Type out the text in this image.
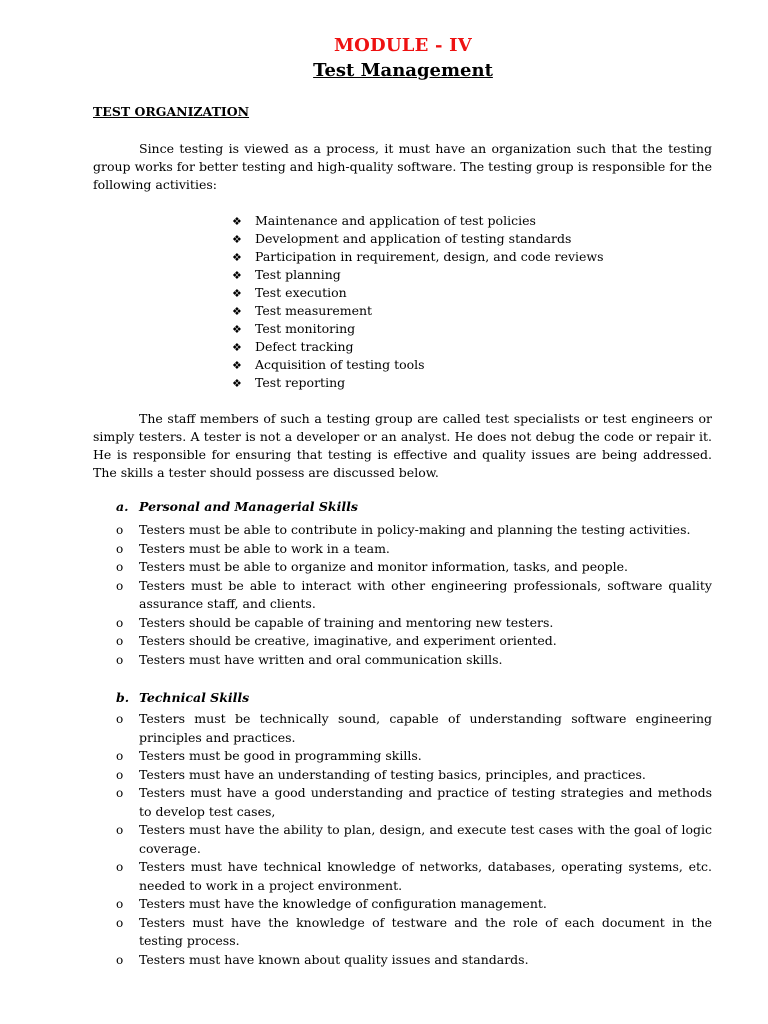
MODULE - IV
Test Management
TEST ORGANIZATION

Since testing is viewed as a process, it must have an organization such that the testing group works for better testing and high-quality software. The testing group is responsible for the following activities:

❖ Maintenance and application of test policies
❖ Development and application of testing standards
❖ Participation in requirement, design, and code reviews
❖ Test planning
❖ Test execution
❖ Test measurement
❖ Test monitoring
❖ Defect tracking
❖ Acquisition of testing tools
❖ Test reporting

The staff members of such a testing group are called test specialists or test engineers or simply testers. A tester is not a developer or an analyst. He does not debug the code or repair it. He is responsible for ensuring that testing is effective and quality issues are being addressed. The skills a tester should possess are discussed below.

a. Personal and Managerial Skills
o Testers must be able to contribute in policy-making and planning the testing activities.
o Testers must be able to work in a team.
o Testers must be able to organize and monitor information, tasks, and people.
o Testers must be able to interact with other engineering professionals, software quality assurance staff, and clients.
o Testers should be capable of training and mentoring new testers.
o Testers should be creative, imaginative, and experiment oriented.
o Testers must have written and oral communication skills.
b. Technical Skills
o Testers must be technically sound, capable of understanding software engineering principles and practices.
o Testers must be good in programming skills.
o Testers must have an understanding of testing basics, principles, and practices.
o Testers must have a good understanding and practice of testing strategies and methods to develop test cases,
o Testers must have the ability to plan, design, and execute test cases with the goal of logic coverage.
o Testers must have technical knowledge of networks, databases, operating systems, etc. needed to work in a project environment.
o Testers must have the knowledge of configuration management.
o Testers must have the knowledge of testware and the role of each document in the testing process.
o Testers must have known about quality issues and standards.
